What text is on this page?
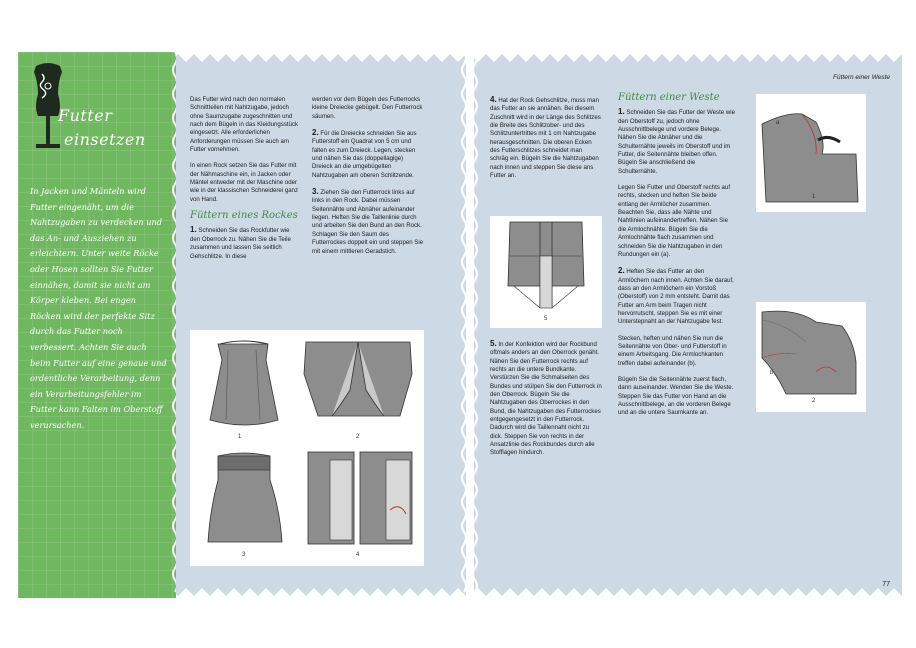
Futter
einsetzen
In Jacken und Mänteln wird Futter eingenäht, um die Nahtzugaben zu verdecken und das An- und Ausziehen zu erleichtern. Unter weite Röcke oder Hosen sollten Sie Futter einnähen, damit sie nicht am Körper kleben. Bei engen Röcken wird der perfekte Sitz durch das Futter noch verbessert. Achten Sie auch beim Futter auf eine genaue und ordentliche Verarbeitung, denn ein Verarbeitungsfehler im Futter kann Falten im Oberstoff verursachen.

Das Futter wird nach den normalen Schnittteilen mit Nahtzugabe, jedoch ohne Saumzugabe zugeschnitten und nach dem Bügeln in das Kleidungsstück eingesetzt. Alle erforderlichen Anforderungen müssen Sie auch am Futter vornehmen.

In einen Rock setzen Sie das Futter mit der Nähmaschine ein, in Jacken oder Mäntel entweder mit der Maschine oder wie in der klassischen Schneiderei ganz von Hand.

Füttern eines Rockes

1. Schneiden Sie das Rockfutter wie den Oberrock zu. Nähen Sie die Teile zusammen und lassen Sie seitlich Gehschlitze. In diese

werden vor dem Bügeln des Futterrocks kleine Dreiecke gebügelt. Den Futterrock säumen.

2. Für die Dreiecke schneiden Sie aus Futterstoff ein Quadrat von 5 cm und falten es zum Dreieck. Legen, stecken und nähen Sie das (doppellagige) Dreieck an die umgebügelten Nahtzugaben am oberen Schlitzende.

3. Ziehen Sie den Futterrock links auf links in den Rock. Dabei müssen Seitennähte und Abnäher aufeinander liegen. Heften Sie die Taillenlinie durch und arbeiten Sie den Bund an den Rock. Schlagen Sie den Saum des Futterrockes doppelt ein und steppen Sie mit einem mittleren Geradstich.

1	2
3	4
Füttern einer Weste

4. Hat der Rock Gehschlitze, muss man das Futter an sie annähen. Bei diesem Zuschnitt wird in der Länge des Schlitzes die Breite des Schlitzober- und des Schlitzuntertrittes mit 1 cm Nahtzugabe herausgeschnitten. Die oberen Ecken des Futterschlitzes schneidet man schräg ein. Bügeln Sie die Nahtzugaben nach innen und steppen Sie diese ans Futter an.

5

5. In der Konfektion wird der Rockbund oftmals anders an den Oberrock genäht. Nähen Sie den Futterrock rechts auf rechts an die untere Bundkante. Verstürzen Sie die Schmalseiten des Bundes und stülpen Sie den Futterrock in den Oberrock. Bügeln Sie die Nahtzugaben des Oberrockes in den Bund, die Nahtzugaben des Futterrockes entgegengesetzt in den Futterrock. Dadurch wird die Taillennaht nicht zu dick. Steppen Sie von rechts in der Ansatzlinie des Rockbundes durch alle Stofflagen hindurch.

Füttern einer Weste

1. Schneiden Sie das Futter der Weste wie den Oberstoff zu, jedoch ohne Ausschnittbelege und vordere Belege. Nähen Sie die Abnäher und die Schulternähte jeweils im Oberstoff und im Futter, die Seitennähte bleiben offen. Bügeln Sie anschließend die Schulternähte.

Legen Sie Futter und Oberstoff rechts auf rechts, stecken und heften Sie beide entlang der Armlöcher zusammen. Beachten Sie, dass alle Nähte und Nahtlinien aufeinandertreffen. Nähen Sie die Armlochnähte. Bügeln Sie die Armlochnähte flach zusammen und schneiden Sie die Nahtzugaben in den Rundungen ein (a).

2. Heften Sie das Futter an den Armlöchern nach innen. Achten Sie darauf, dass an den Armlöchern ein Vorstoß (Oberstoff) von 2 mm entsteht. Damit das Futter am Arm beim Tragen nicht hervorrutscht, steppen Sie es mit einer Unterstepnaht an der Nahtzugabe fest.

Stecken, heften und nähen Sie nun die Seitennähte von Ober- und Futterstoff in einem Arbeitsgang. Die Armlochkanten treffen dabei aufeinander (b).

Bügeln Sie die Seitennähte zuerst flach, dann auseinander. Wenden Sie die Weste. Steppen Sie das Futter von Hand an die Ausschnittbelege, an die vorderen Belege und an die untere Saumkante an.

a
1
b
2
77
